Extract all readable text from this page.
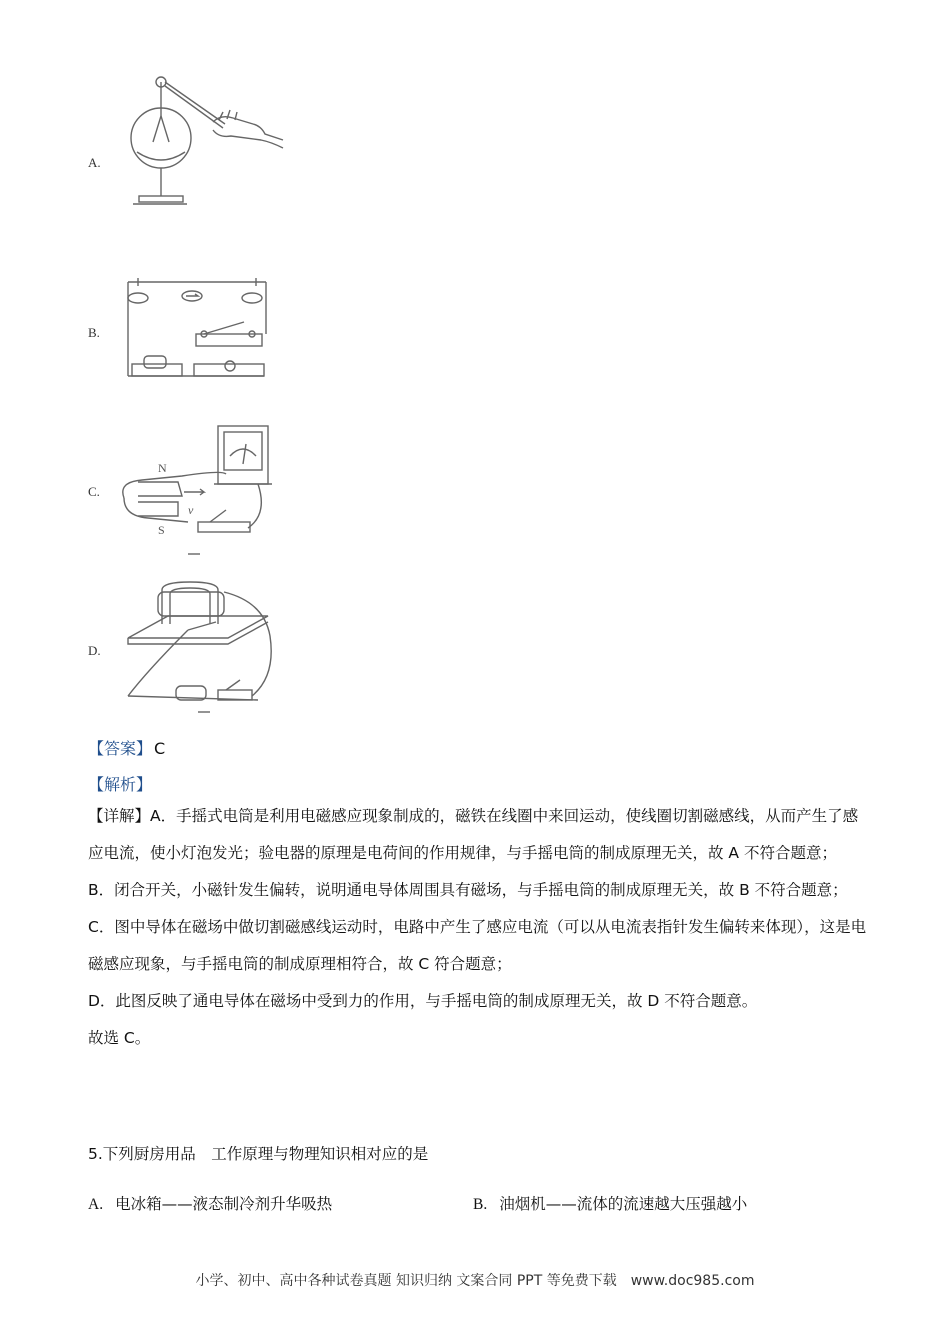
A.
B.
C.
N
S
v
D.
【答案】 C
【解析】

【详解】A．手摇式电筒是利用电磁感应现象制成的，磁铁在线圈中来回运动，使线圈切割磁感线，从而产生了感应电流，使小灯泡发光；验电器的原理是电荷间的作用规律，与手摇电筒的制成原理无关，故 A 不符合题意；

B．闭合开关，小磁针发生偏转，说明通电导体周围具有磁场，与手摇电筒的制成原理无关，故 B 不符合题意；

C．图中导体在磁场中做切割磁感线运动时，电路中产生了感应电流（可以从电流表指针发生偏转来体现），这是电磁感应现象，与手摇电筒的制成原理相符合，故 C 符合题意；

D．此图反映了通电导体在磁场中受到力的作用，与手摇电筒的制成原理无关，故 D 不符合题意。

故选 C。

5.下列厨房用品　工作原理与物理知识相对应的是
A. 电冰箱——液态制冷剂升华吸热	B. 油烟机——流体的流速越大压强越小
小学、初中、高中各种试卷真题 知识归纳 文案合同 PPT 等免费下载　www.doc985.com
